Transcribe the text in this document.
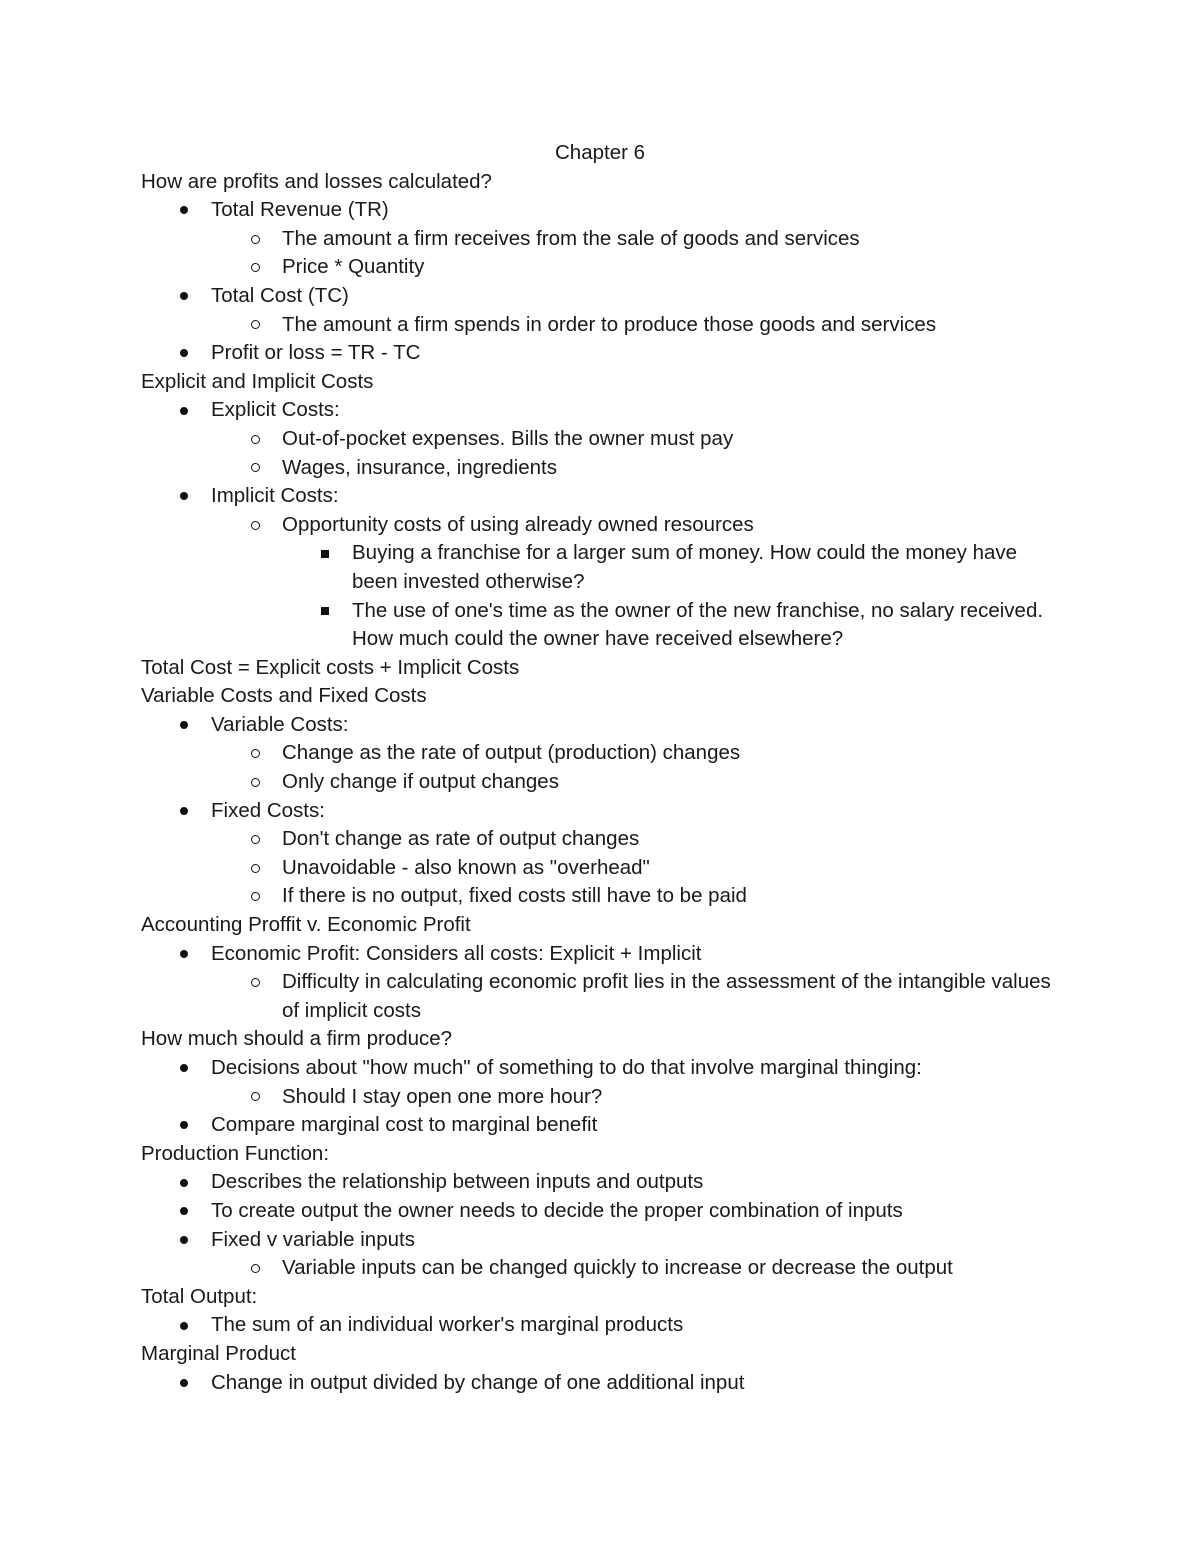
Chapter 6

How are profits and losses calculated?

Total Revenue (TR)
The amount a firm receives from the sale of goods and services
Price * Quantity
Total Cost (TC)
The amount a firm spends in order to produce those goods and services
Profit or loss = TR - TC

Explicit and Implicit Costs

Explicit Costs:
Out-of-pocket expenses. Bills the owner must pay
Wages, insurance, ingredients
Implicit Costs:
Opportunity costs of using already owned resources
Buying a franchise for a larger sum of money. How could the money have been invested otherwise?
The use of one's time as the owner of the new franchise, no salary received. How much could the owner have received elsewhere?

Total Cost = Explicit costs + Implicit Costs

Variable Costs and Fixed Costs

Variable Costs:
Change as the rate of output (production) changes
Only change if output changes
Fixed Costs:
Don't change as rate of output changes
Unavoidable - also known as "overhead"
If there is no output, fixed costs still have to be paid

Accounting Proffit v. Economic Profit

Economic Profit: Considers all costs: Explicit + Implicit
Difficulty in calculating economic profit lies in the assessment of the intangible values of implicit costs

How much should a firm produce?

Decisions about "how much" of something to do that involve marginal thinging:
Should I stay open one more hour?
Compare marginal cost to marginal benefit

Production Function:

Describes the relationship between inputs and outputs
To create output the owner needs to decide the proper combination of inputs
Fixed v variable inputs
Variable inputs can be changed quickly to increase or decrease the output

Total Output:

The sum of an individual worker's marginal products

Marginal Product

Change in output divided by change of one additional input
